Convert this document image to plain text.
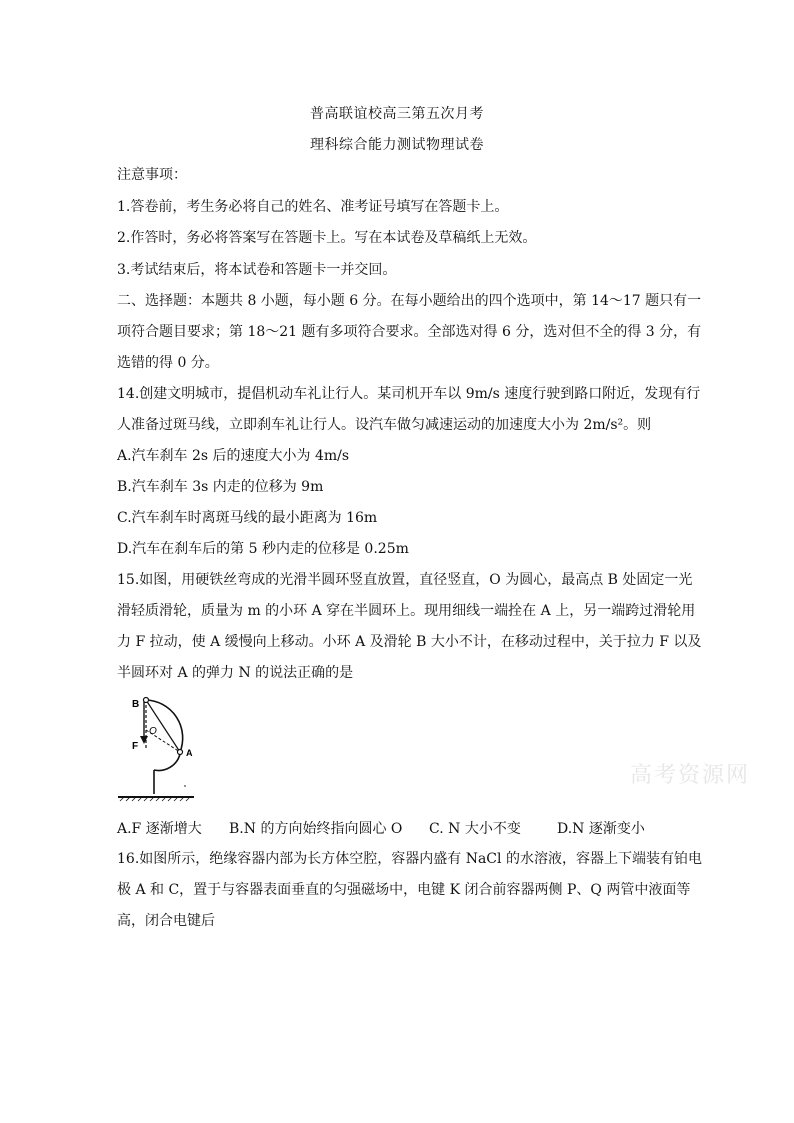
普高联谊校高三第五次月考
理科综合能力测试物理试卷
注意事项：
1.答卷前，考生务必将自己的姓名、准考证号填写在答题卡上。
2.作答时，务必将答案写在答题卡上。写在本试卷及草稿纸上无效。
3.考试结束后，将本试卷和答题卡一并交回。
二、选择题：本题共 8 小题，每小题 6 分。在每小题给出的四个选项中，第 14～17 题只有一
项符合题目要求；第 18～21 题有多项符合要求。全部选对得 6 分，选对但不全的得 3 分，有
选错的得 0 分。
14.创建文明城市，提倡机动车礼让行人。某司机开车以 9m/s 速度行驶到路口附近，发现有行
人准备过斑马线，立即刹车礼让行人。设汽车做匀减速运动的加速度大小为 2m/s²。则
A.汽车刹车 2s 后的速度大小为 4m/s
B.汽车刹车 3s 内走的位移为 9m
C.汽车刹车时离斑马线的最小距离为 16m
D.汽车在刹车后的第 5 秒内走的位移是 0.25m
15.如图，用硬铁丝弯成的光滑半圆环竖直放置，直径竖直，O 为圆心，最高点 B 处固定一光
滑轻质滑轮，质量为 m 的小环 A 穿在半圆环上。现用细线一端拴在 A 上，另一端跨过滑轮用
力 F 拉动，使 A 缓慢向上移动。小环 A 及滑轮 B 大小不计，在移动过程中，关于拉力 F 以及
半圆环对 A 的弹力 N 的说法正确的是
B
O
F
A
高考资源网
A.F 逐渐增大 B.N 的方向始终指向圆心 O C. N 大小不变	D.N 逐渐变小
16.如图所示，绝缘容器内部为长方体空腔，容器内盛有 NaCl 的水溶液，容器上下端装有铂电
极 A 和 C，置于与容器表面垂直的匀强磁场中，电键 K 闭合前容器两侧 P、Q 两管中液面等
高，闭合电键后
